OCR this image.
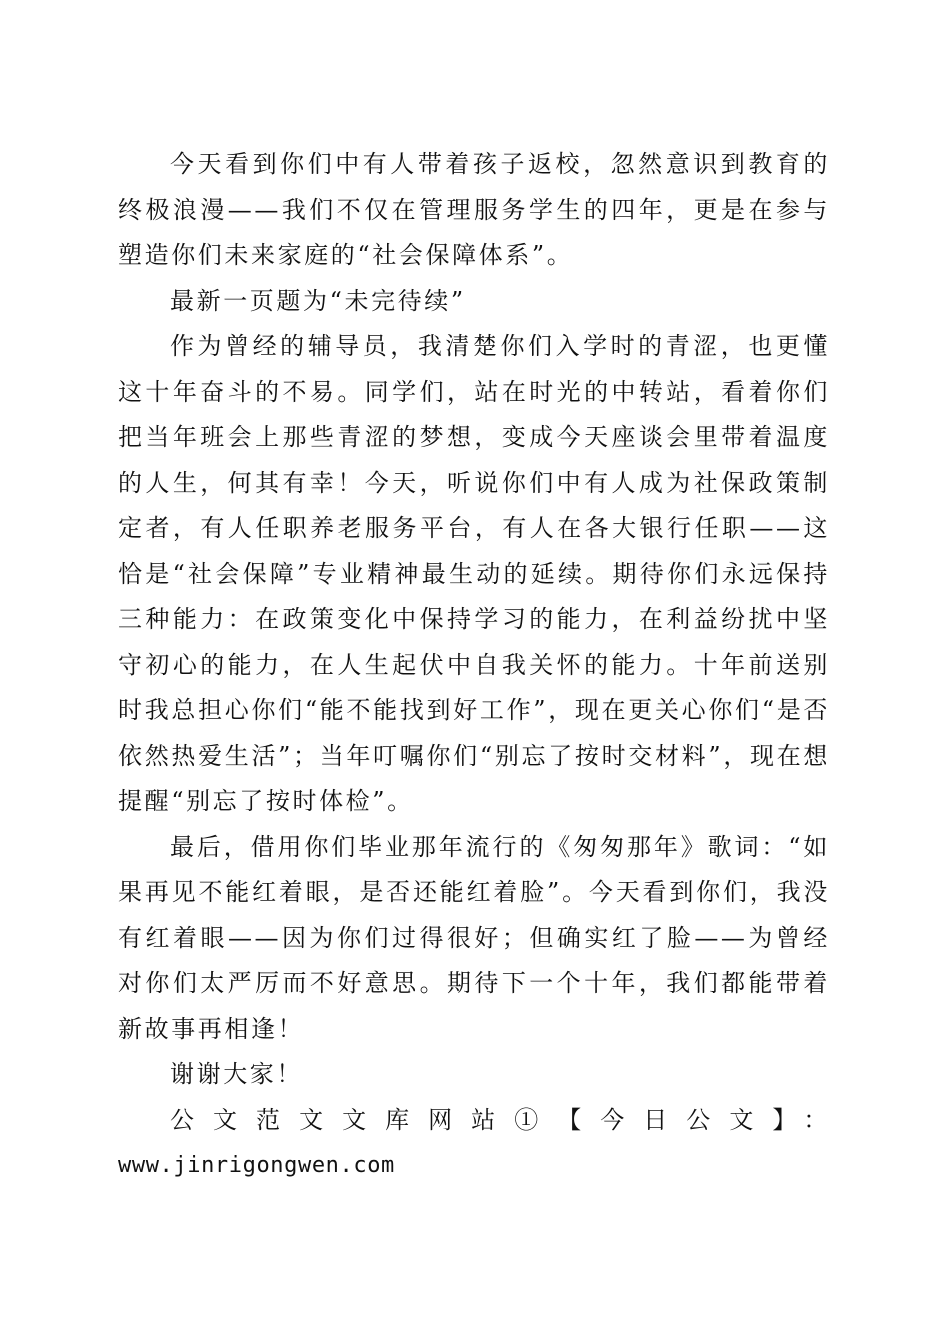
今天看到你们中有人带着孩子返校，忽然意识到教育的终极浪漫——我们不仅在管理服务学生的四年，更是在参与塑造你们未来家庭的“社会保障体系”。

最新一页题为“未完待续”

作为曾经的辅导员，我清楚你们入学时的青涩，也更懂这十年奋斗的不易。同学们，站在时光的中转站，看着你们把当年班会上那些青涩的梦想，变成今天座谈会里带着温度的人生，何其有幸！今天，听说你们中有人成为社保政策制定者，有人任职养老服务平台，有人在各大银行任职——这恰是“社会保障”专业精神最生动的延续。期待你们永远保持三种能力：在政策变化中保持学习的能力，在利益纷扰中坚守初心的能力，在人生起伏中自我关怀的能力。十年前送别时我总担心你们“能不能找到好工作”，现在更关心你们“是否依然热爱生活”；当年叮嘱你们“别忘了按时交材料”，现在想提醒“别忘了按时体检”。

最后，借用你们毕业那年流行的《匆匆那年》歌词：“如果再见不能红着眼，是否还能红着脸”。今天看到你们，我没有红着眼——因为你们过得很好；但确实红了脸——为曾经对你们太严厉而不好意思。期待下一个十年，我们都能带着新故事再相逢！

谢谢大家！

公文范文文库网站①【今日公文】：

www.jinrigongwen.com
